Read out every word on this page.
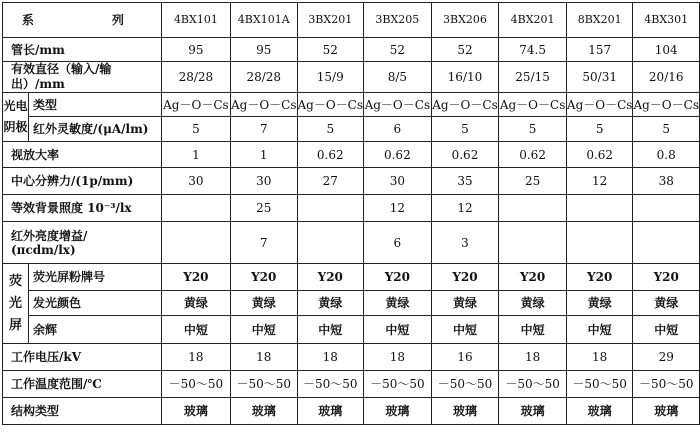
系　　列		4BX101	4BX101A	3BX201	3BX205	3BX206	4BX201	8BX201	4BX301
管长/mm		95	95	52	52	52	74.5	157	104
有效直径（输入/输出）/mm		28/28	28/28	15/9	8/5	16/10	25/15	50/31	20/16

光电
阴极	类型	Ag－O－Cs	Ag－O－Cs	Ag－O－Cs	Ag－O－Cs	Ag－O－Cs	Ag－O－Cs	Ag－O－Cs	Ag－O－Cs
	红外灵敏度/(μA/lm)	5	7	5	6	5	5	5	5
视放大率		1	1	0.62	0.62	0.62	0.62	0.62	0.8
中心分辨力/(1p/mm)		30	30	27	30	35	25	12	38
等效背景照度 10⁻³/lx			25		12	12			

红外亮度增益/
(πcdm/lx)			7		6	3			
荧光屏	荧光屏粉牌号	Y20	Y20	Y20	Y20	Y20	Y20	Y20	Y20
	发光颜色	黄绿	黄绿	黄绿	黄绿	黄绿	黄绿	黄绿	黄绿
	余辉	中短	中短	中短	中短	中短	中短	中短	中短
工作电压/kV		18	18	18	18	16	18	18	29
工作温度范围/℃		－50～50	－50～50	－50～50	－50～50	－50～50	－50～50	－50～50	－50～50
结构类型		玻璃	玻璃	玻璃	玻璃	玻璃	玻璃	玻璃	玻璃
